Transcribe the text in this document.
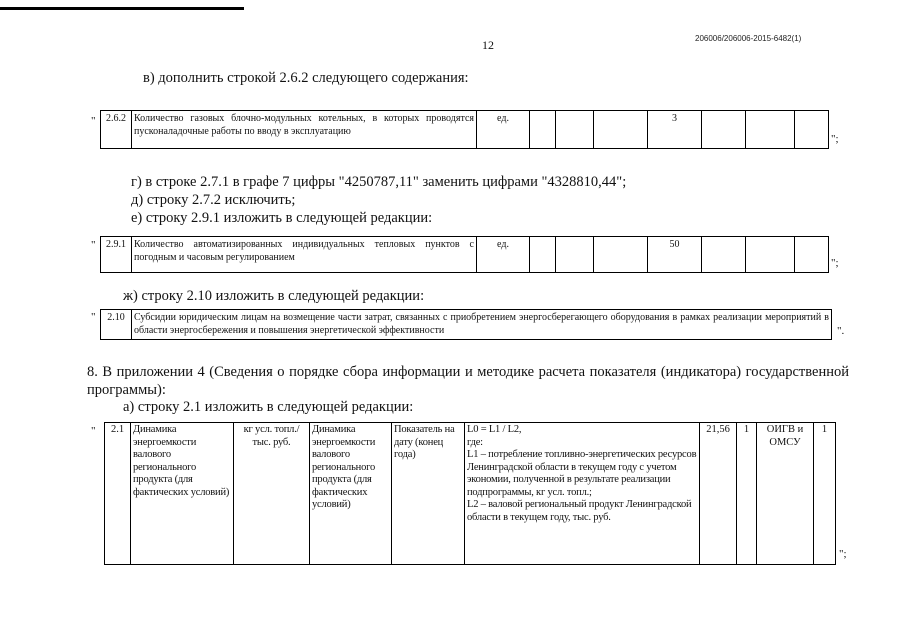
206006/206006-2015-6482(1)
12
в) дополнить строкой 2.6.2 следующего содержания:
" 2.6.2	Количество газовых блочно-модульных котельных, в которых проводятся пусконаладочные работы по вводу в эксплуатацию	ед.				3			
";
г) в строке 2.7.1 в графе 7 цифры "4250787,11" заменить цифрами "4328810,44";
д) строку 2.7.2 исключить;
е) строку 2.9.1 изложить в следующей редакции:
" 2.9.1	Количество автоматизированных индивидуальных тепловых пунктов с погодным и часовым регулированием	ед.				50			
";
ж) строку 2.10 изложить в следующей редакции:
" 2.10	Субсидии юридическим лицам на возмещение части затрат, связанных с приобретением энергосберегающего оборудования в рамках реализации мероприятий в области энергосбережения и повышения энергетической эффективности	".
8. В приложении 4 (Сведения о порядке сбора информации и методике расчета показателя (индикатора) государственной программы):
а) строку 2.1 изложить в следующей редакции:
" 2.1	Динамика энергоемкости валового регионального продукта (для фактических условий)	кг усл. топл./ тыс. руб.	Динамика энергоемкости валового регионального продукта (для фактических условий)	Показатель на дату (конец года)	
L0 = L1 / L2,
где:
L1 – потребление топливно-энергетических ресурсов Ленинградской области в текущем году с учетом экономии, полученной в результате реализации подпрограммы, кг усл. топл.;
L2 – валовой региональный продукт Ленинградской области в текущем году, тыс. руб.
	21,56	1	ОИГВ и ОМСУ	1
";
